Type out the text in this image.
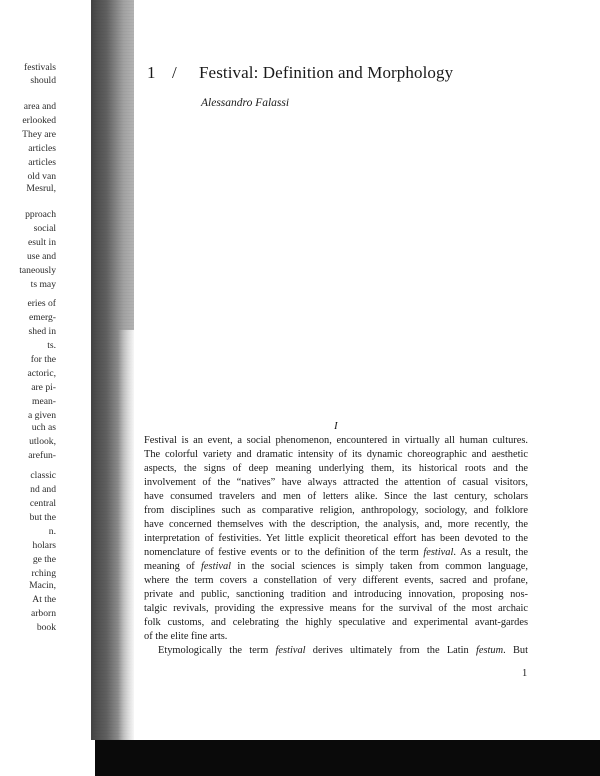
festivals
should
area and
erlooked
They are
articles
articles
old van
Mesrul,
pproach
social
esult in
use and
taneously
ts may
eries of
emerg-
shed in
ts.
for the
actoric,
are pi-
mean-
a given
uch as
utlook,
arefun-
classic
nd and
central
but the
n.
holars
ge the
rching
Macin,
At the
arborn
book
1 / Festival: Definition and Morphology
Alessandro Falassi
I
Festival is an event, a social phenomenon, encountered in virtually all human cultures.
The colorful variety and dramatic intensity of its dynamic choreographic and aesthetic
aspects, the signs of deep meaning underlying them, its historical roots and the
involvement of the “natives” have always attracted the attention of casual visitors,
have consumed travelers and men of letters alike. Since the last century, scholars
from disciplines such as comparative religion, anthropology, sociology, and folklore
have concerned themselves with the description, the analysis, and, more recently, the
interpretation of festivities. Yet little explicit theoretical effort has been devoted to the
nomenclature of festive events or to the definition of the term festival. As a result, the
meaning of festival in the social sciences is simply taken from common language,
where the term covers a constellation of very different events, sacred and profane,
private and public, sanctioning tradition and introducing innovation, proposing nos-
talgic revivals, providing the expressive means for the survival of the most archaic
folk customs, and celebrating the highly speculative and experimental avant-gardes
of the elite fine arts.
Etymologically the term festival derives ultimately from the Latin festum. But
1
